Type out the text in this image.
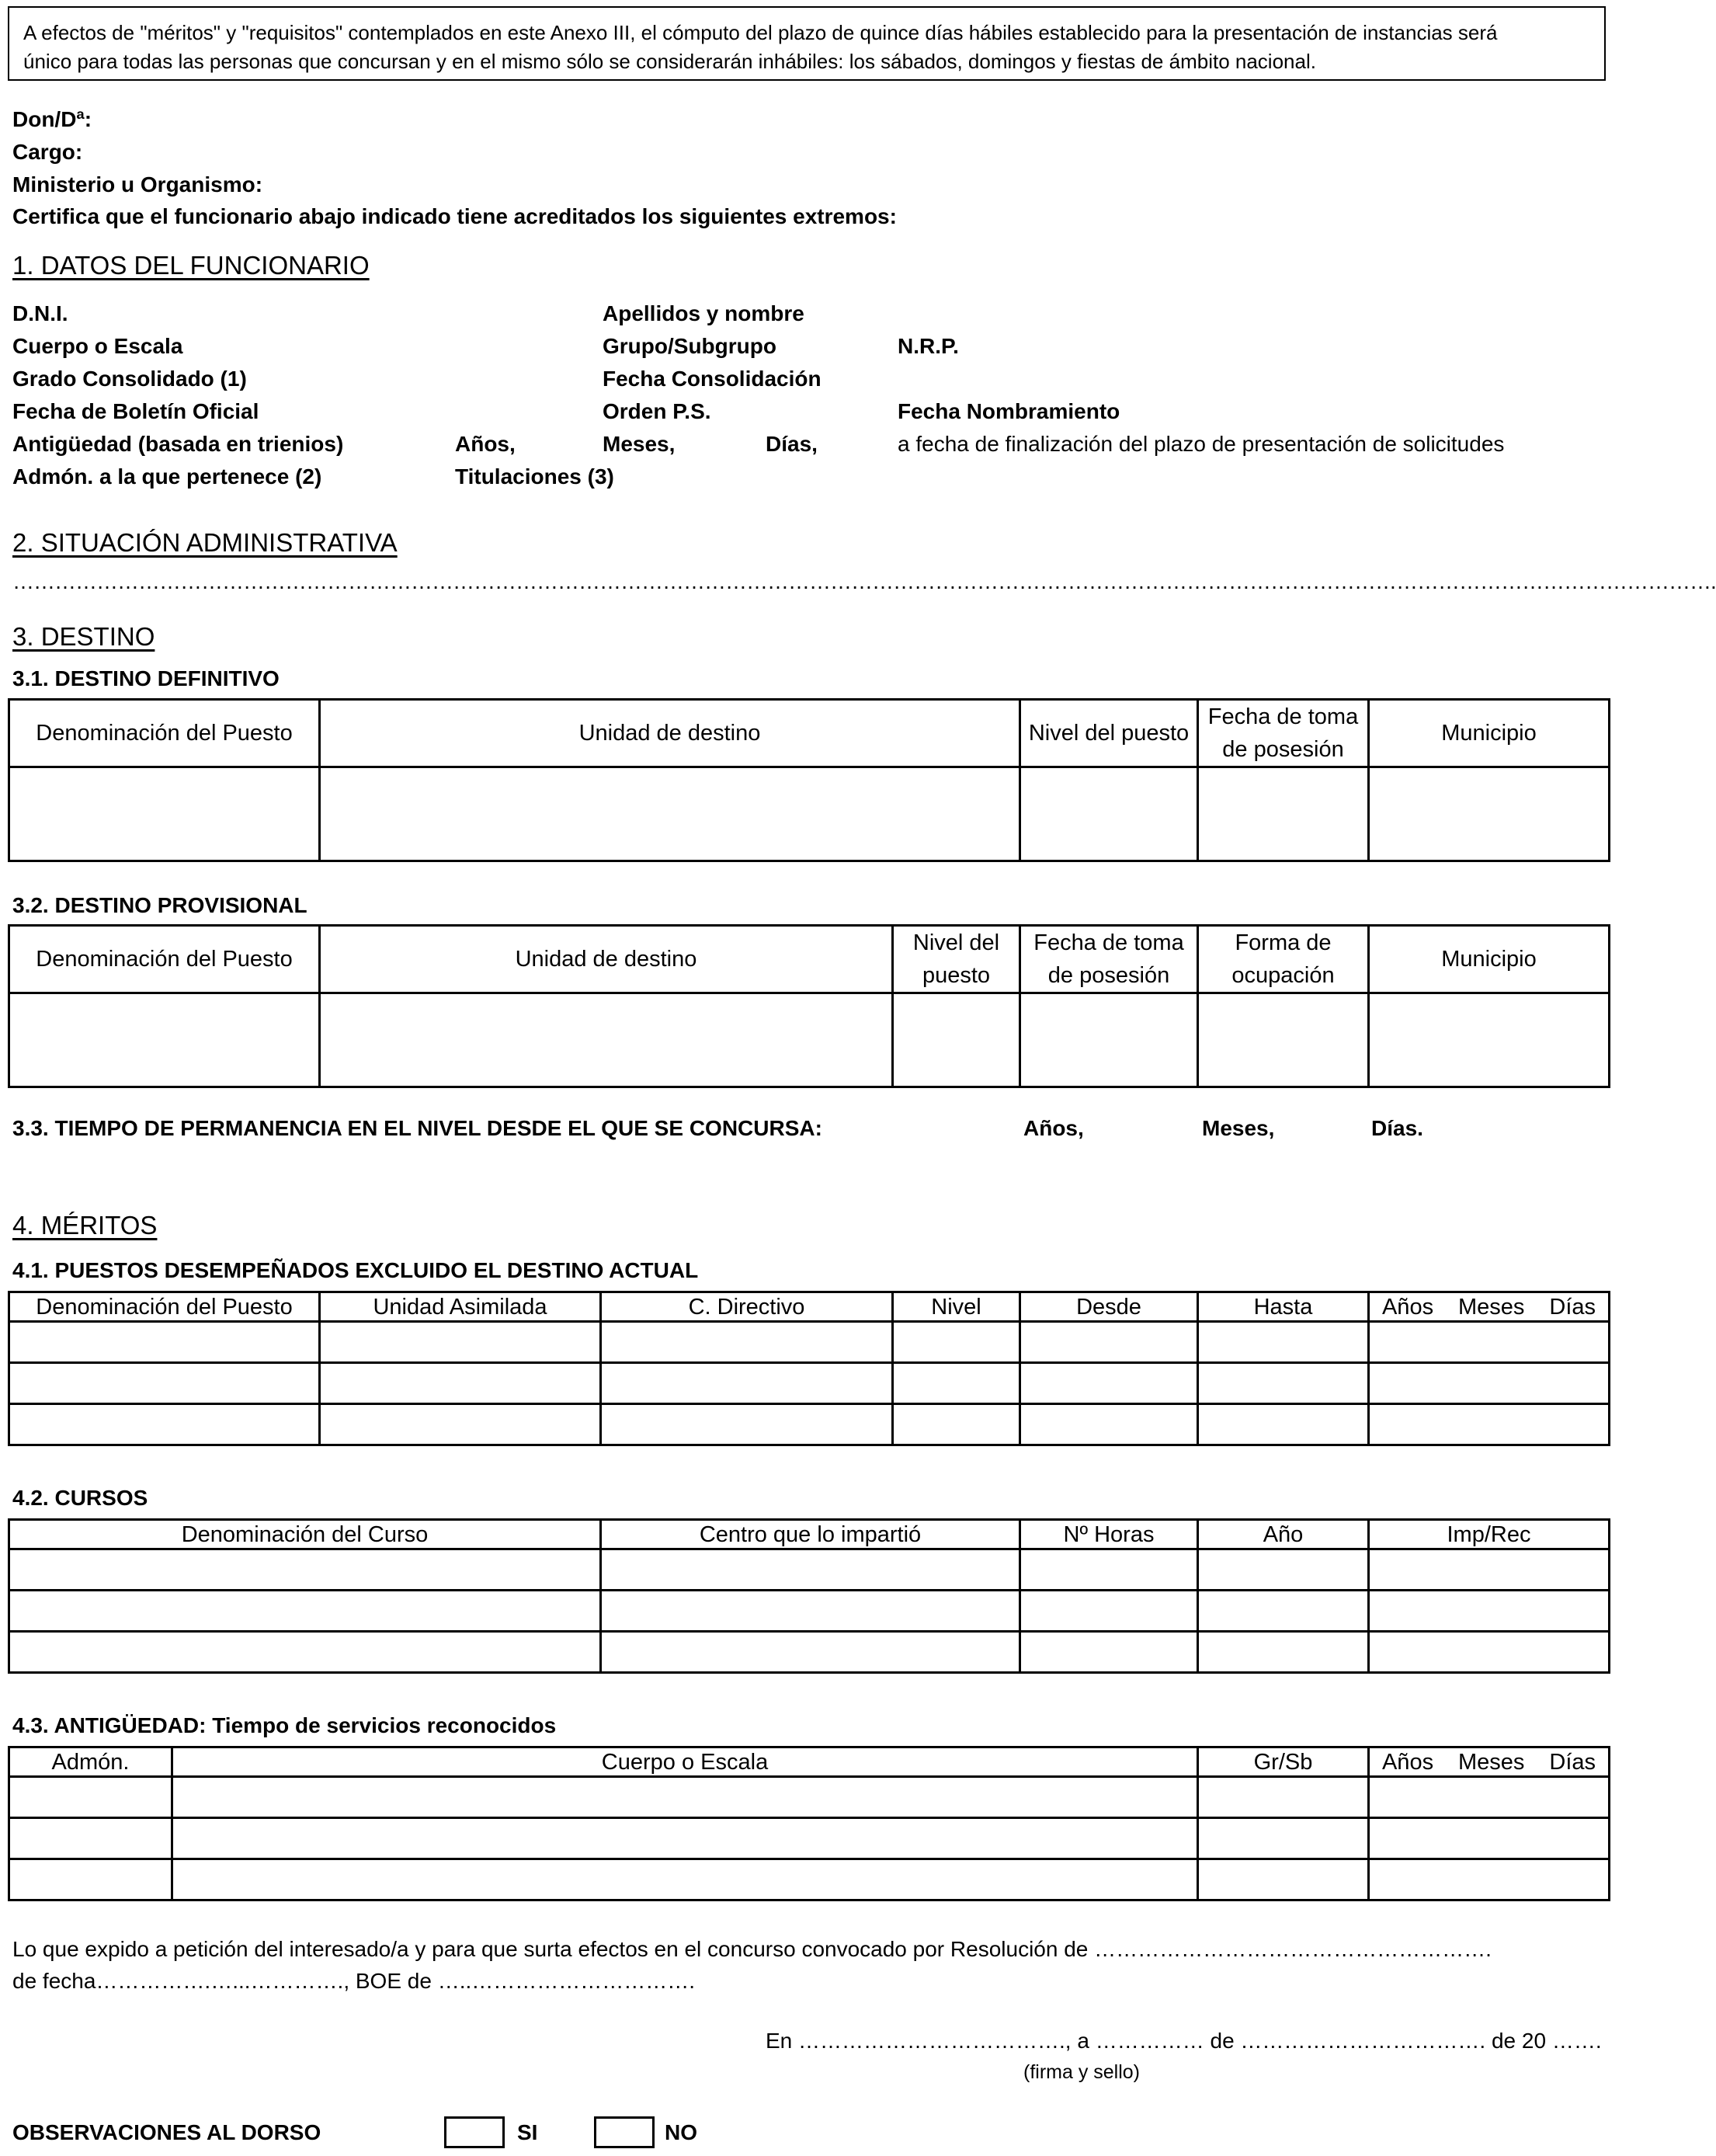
A efectos de "méritos" y "requisitos" contemplados en este Anexo III, el cómputo del plazo de quince días hábiles establecido para la presentación de instancias será

único para todas las personas que concursan y en el mismo sólo se considerarán inhábiles: los sábados, domingos y fiestas de ámbito nacional.

Don/Dª:
Cargo:
Ministerio u Organismo:
Certifica que el funcionario abajo indicado tiene acreditados los siguientes extremos:
1. DATOS DEL FUNCIONARIO
D.N.I.	Apellidos y nombre
Cuerpo o Escala	Grupo/Subgrupo	N.R.P.
Grado Consolidado (1)	Fecha Consolidación
Fecha de Boletín Oficial	Orden P.S.	Fecha Nombramiento
Antigüedad (basada en trienios)	Años,	Meses,	Días,	a fecha de finalización del plazo de presentación de solicitudes
Admón. a la que pertenece (2)	Titulaciones (3)
2. SITUACIÓN ADMINISTRATIVA
……………………………………………………………………………………………………………………………………………………………………………………………………………………….
3. DESTINO
3.1. DESTINO DEFINITIVO
Denominación del Puesto	Unidad de destino	Nivel del puesto	Fecha de toma de posesión	Municipio

3.2. DESTINO PROVISIONAL
Denominación del Puesto	Unidad de destino	Nivel del puesto	Fecha de toma de posesión	Forma de ocupación	Municipio

3.3. TIEMPO DE PERMANENCIA EN EL NIVEL DESDE EL QUE SE CONCURSA:	Años,	Meses,	Días.
4. MÉRITOS
4.1. PUESTOS DESEMPEÑADOS EXCLUIDO EL DESTINO ACTUAL
Denominación del Puesto	Unidad Asimilada	C. Directivo	Nivel	Desde	Hasta	Años Meses Días

4.2. CURSOS
Denominación del Curso	Centro que lo impartió	Nº Horas	Año	Imp/Rec

4.3. ANTIGÜEDAD: Tiempo de servicios reconocidos
Admón.	Cuerpo o Escala	Gr/Sb	Años Meses Días

Lo que expido a petición del interesado/a y para que surta efectos en el concurso convocado por Resolución de ……………………………………………….
de fecha…………….…...…………., BOE de …..………………………….
En ………………………………., a …………… de ……………………………. de 20 …….
(firma y sello)
OBSERVACIONES AL DORSO	SI	NO
